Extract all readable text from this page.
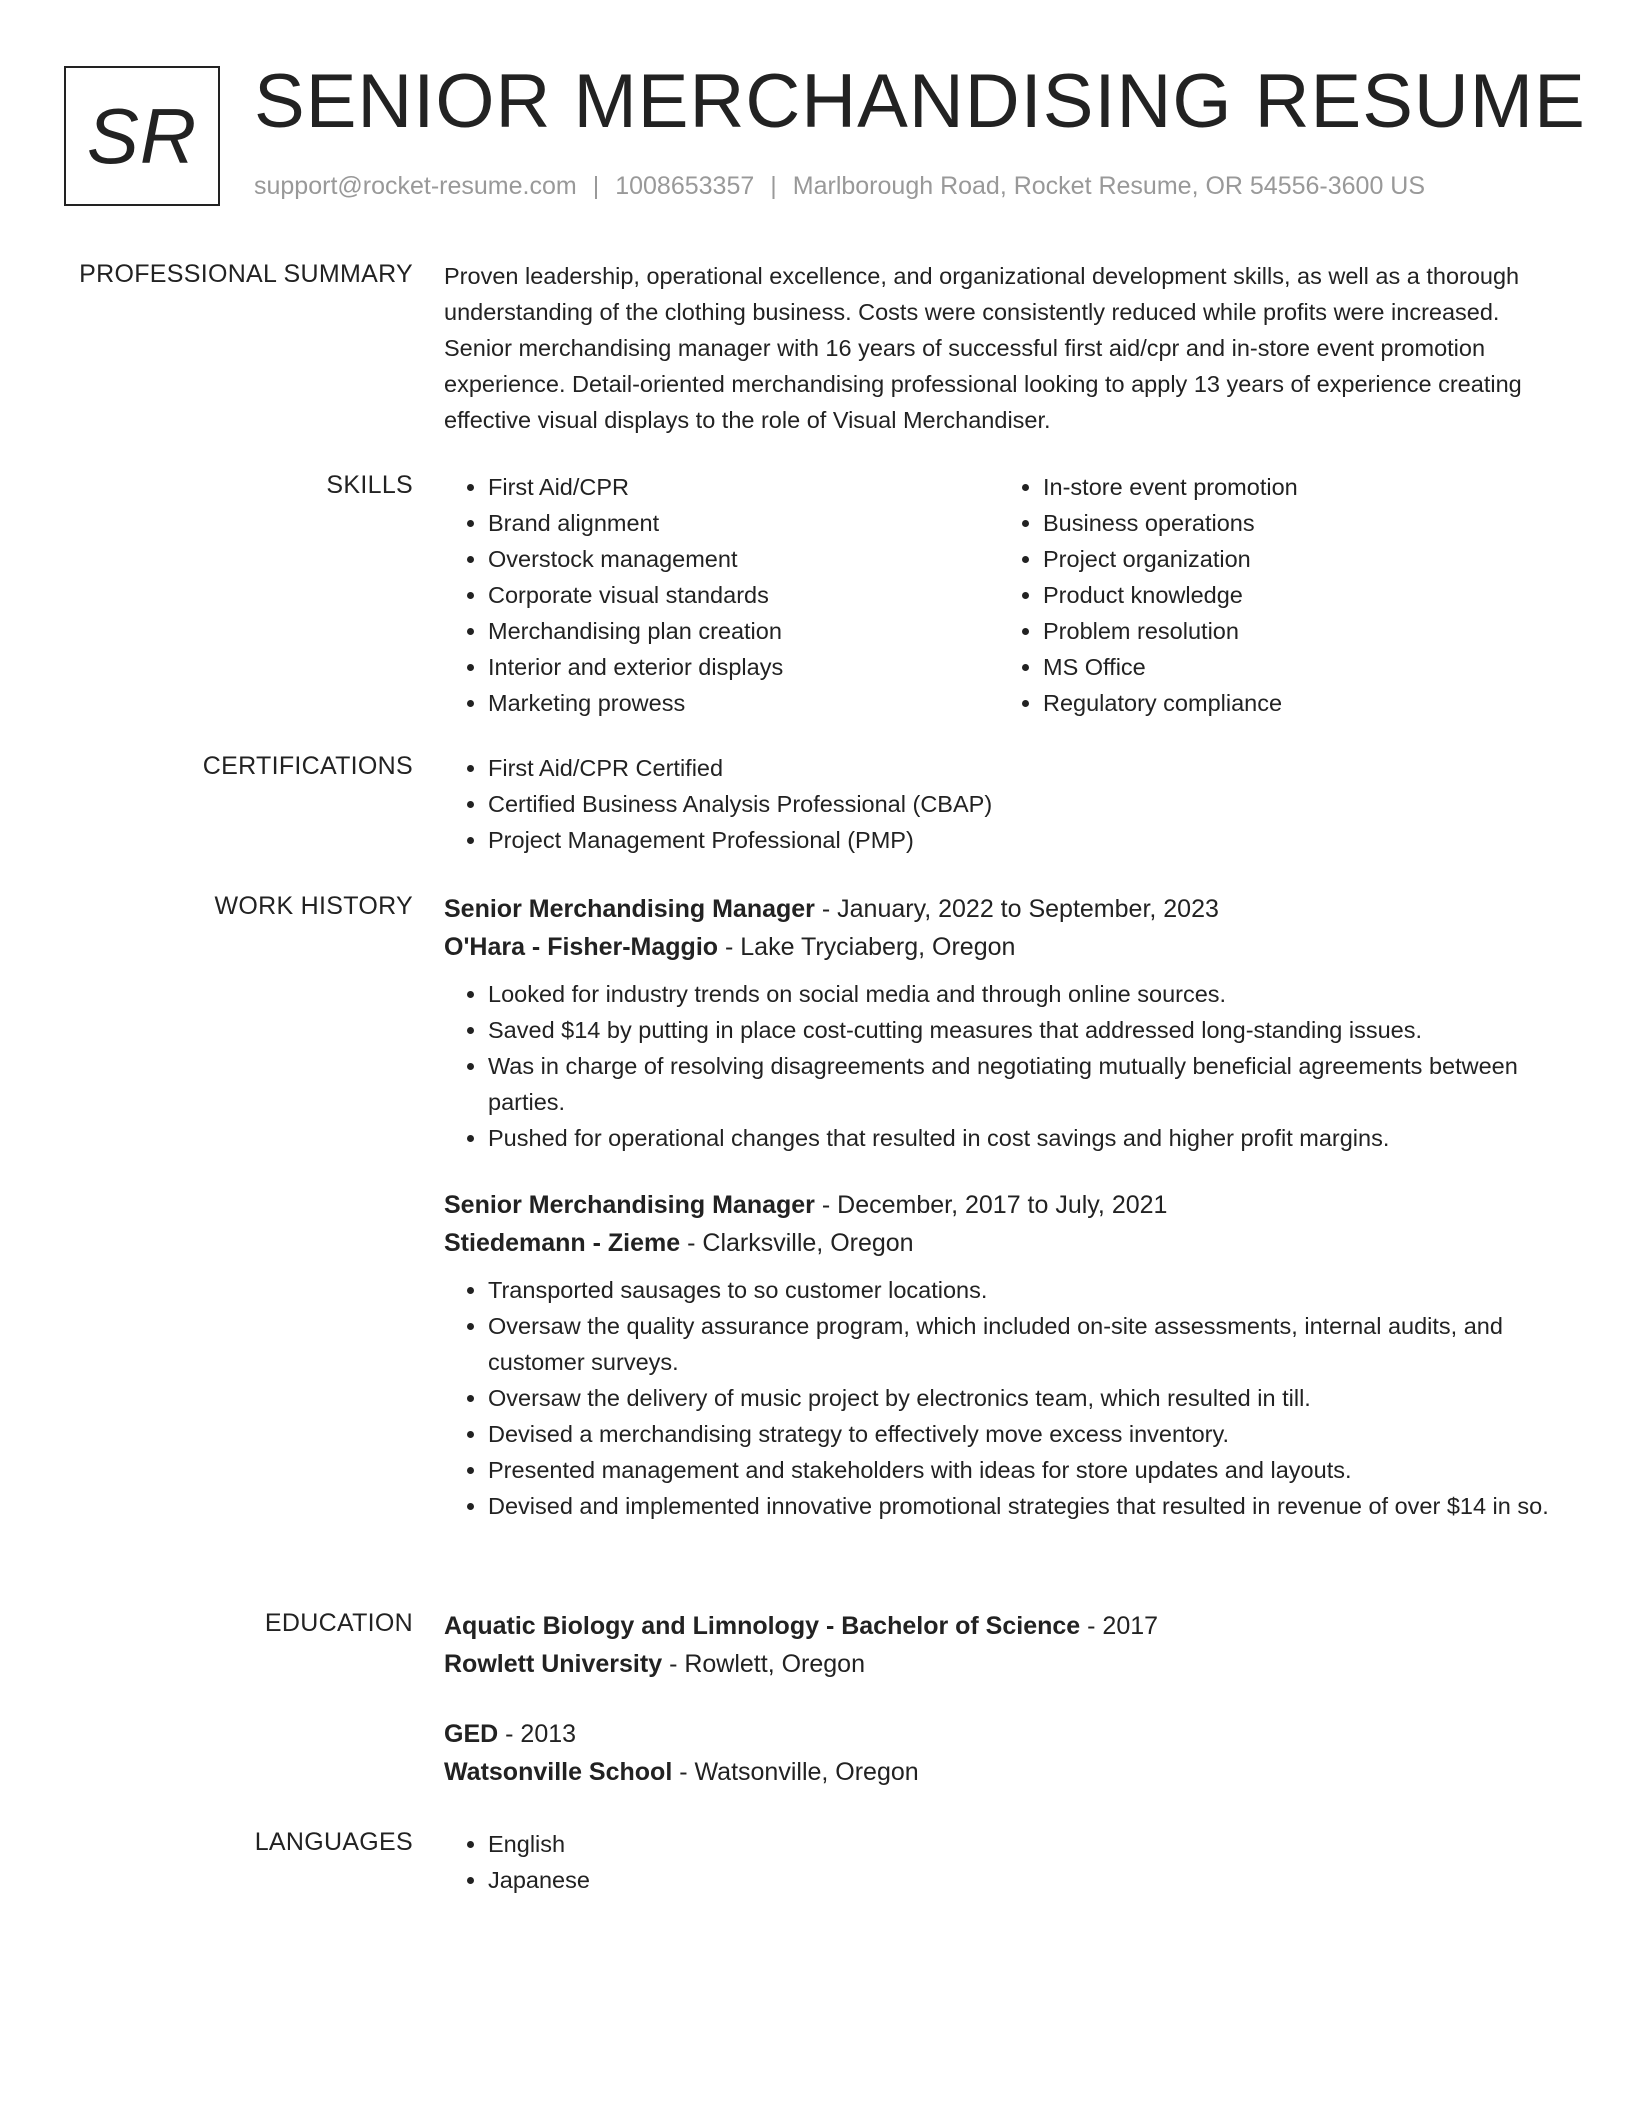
SR SENIOR MERCHANDISING RESUME
support@rocket-resume.com | 1008653357 | Marlborough Road, Rocket Resume, OR 54556-3600 US
PROFESSIONAL SUMMARY Proven leadership, operational excellence, and organizational development skills, as well as a thorough understanding of the clothing business. Costs were consistently reduced while profits were increased. Senior merchandising manager with 16 years of successful first aid/cpr and in-store event promotion experience. Detail-oriented merchandising professional looking to apply 13 years of experience creating effective visual displays to the role of Visual Merchandiser.
SKILLS	• First Aid/CPR
• Brand alignment
• Overstock management
• Corporate visual standards
• Merchandising plan creation
• Interior and exterior displays
• Marketing prowess
• In-store event promotion
• Business operations
• Project organization
• Product knowledge
• Problem resolution
• MS Office
• Regulatory compliance
CERTIFICATIONS	• First Aid/CPR Certified
• Certified Business Analysis Professional (CBAP)
• Project Management Professional (PMP)
WORK HISTORY Senior Merchandising Manager - January, 2022 to September, 2023
O'Hara - Fisher-Maggio - Lake Tryciaberg, Oregon
• Looked for industry trends on social media and through online sources.
• Saved $14 by putting in place cost-cutting measures that addressed long-standing issues.
• Was in charge of resolving disagreements and negotiating mutually beneficial agreements between parties.
• Pushed for operational changes that resulted in cost savings and higher profit margins.
Senior Merchandising Manager - December, 2017 to July, 2021
Stiedemann - Zieme - Clarksville, Oregon
• Transported sausages to so customer locations.
• Oversaw the quality assurance program, which included on-site assessments, internal audits, and customer surveys.
• Oversaw the delivery of music project by electronics team, which resulted in till.
• Devised a merchandising strategy to effectively move excess inventory.
• Presented management and stakeholders with ideas for store updates and layouts.
• Devised and implemented innovative promotional strategies that resulted in revenue of over $14 in so.
EDUCATION Aquatic Biology and Limnology - Bachelor of Science - 2017
Rowlett University - Rowlett, Oregon
GED - 2013
Watsonville School - Watsonville, Oregon
LANGUAGES	• English
• Japanese
